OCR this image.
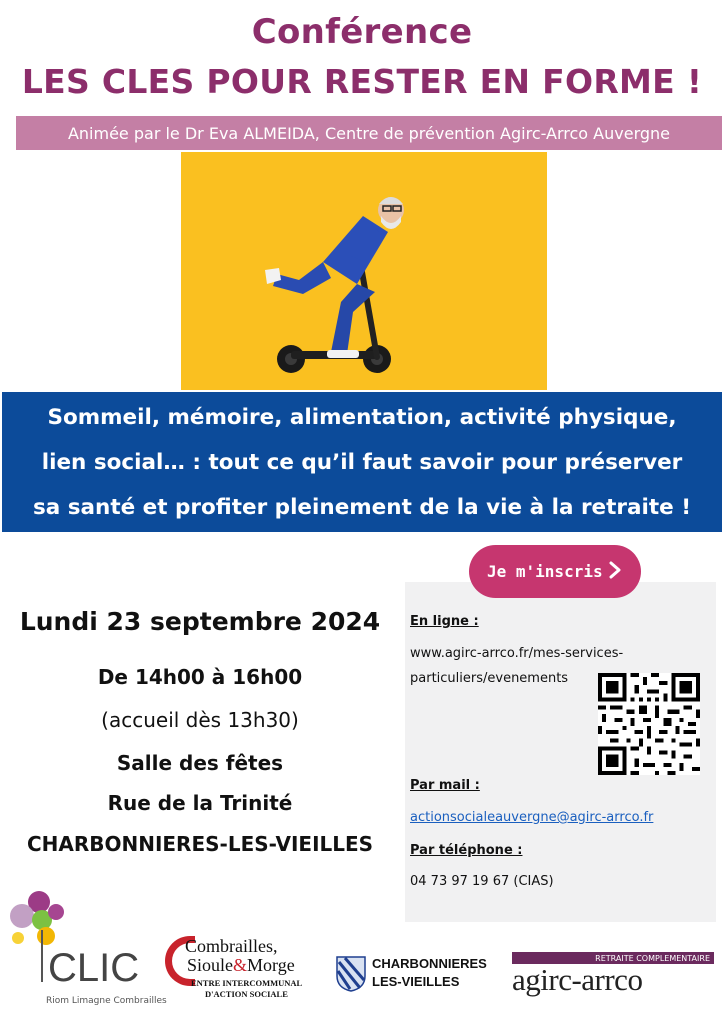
Conférence
LES CLES POUR RESTER EN FORME !
Animée par le Dr Eva ALMEIDA, Centre de prévention Agirc-Arrco Auvergne
Sommeil, mémoire, alimentation, activité physique,
lien social… : tout ce qu’il faut savoir pour préserver
sa santé et profiter pleinement de la vie à la retraite !
Je m'inscris
En ligne :
www.agirc-arrco.fr/mes-services-
particuliers/evenements
Par mail :
actionsocialeauvergne@agirc-arrco.fr
Par téléphone :
04 73 97 19 67 (CIAS)
Lundi 23 septembre 2024
De 14h00 à 16h00
(accueil dès 13h30)
Salle des fêtes
Rue de la Trinité
CHARBONNIERES-LES-VIEILLES
CLIC
Riom Limagne Combrailles
Combrailles,
Sioule&Morge
ENTRE INTERCOMMUNAL
D'ACTION SOCIALE
CHARBONNIERES
LES-VIEILLES
RETRAITE COMPLEMENTAIRE
agirc-arrco
